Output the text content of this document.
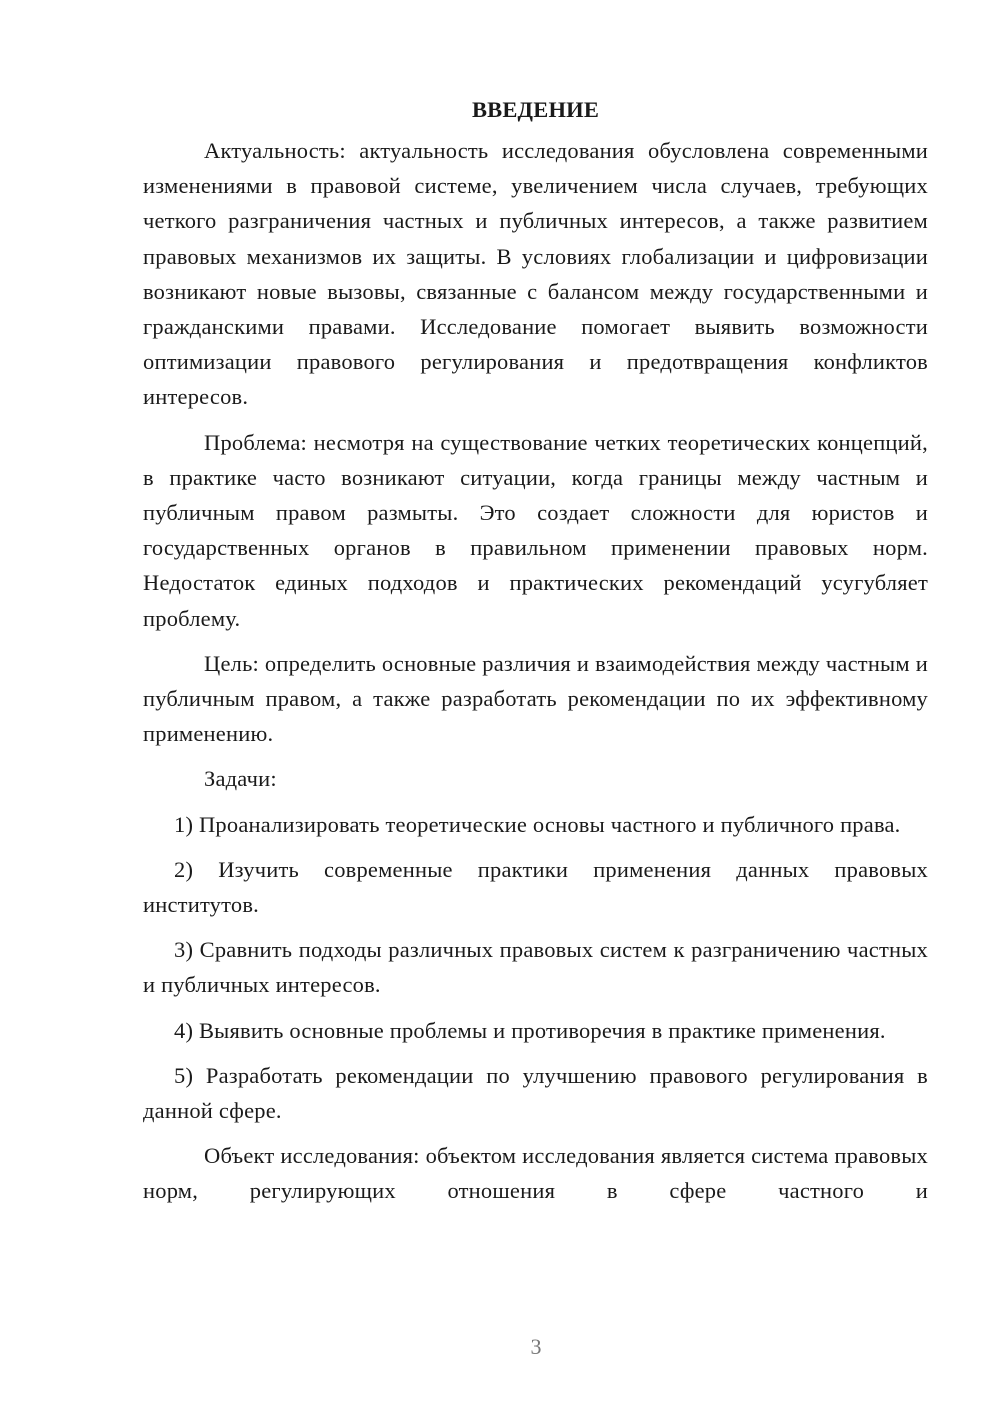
ВВЕДЕНИЕ

Актуальность: актуальность исследования обусловлена современными изменениями в правовой системе, увеличением числа случаев, требующих четкого разграничения частных и публичных интересов, а также развитием правовых механизмов их защиты. В условиях глобализации и цифровизации возникают новые вызовы, связанные с балансом между государственными и гражданскими правами. Исследование помогает выявить возможности оптимизации правового регулирования и предотвращения конфликтов интересов.

Проблема: несмотря на существование четких теоретических концепций, в практике часто возникают ситуации, когда границы между частным и публичным правом размыты. Это создает сложности для юристов и государственных органов в правильном применении правовых норм. Недостаток единых подходов и практических рекомендаций усугубляет проблему.

Цель: определить основные различия и взаимодействия между частным и публичным правом, а также разработать рекомендации по их эффективному применению.

Задачи:

1) Проанализировать теоретические основы частного и публичного права.

2) Изучить современные практики применения данных правовых институтов.

3) Сравнить подходы различных правовых систем к разграничению частных и публичных интересов.

4) Выявить основные проблемы и противоречия в практике применения.

5) Разработать рекомендации по улучшению правового регулирования в данной сфере.

Объект исследования: объектом исследования является система правовых норм, регулирующих отношения в сфере частного и

3
